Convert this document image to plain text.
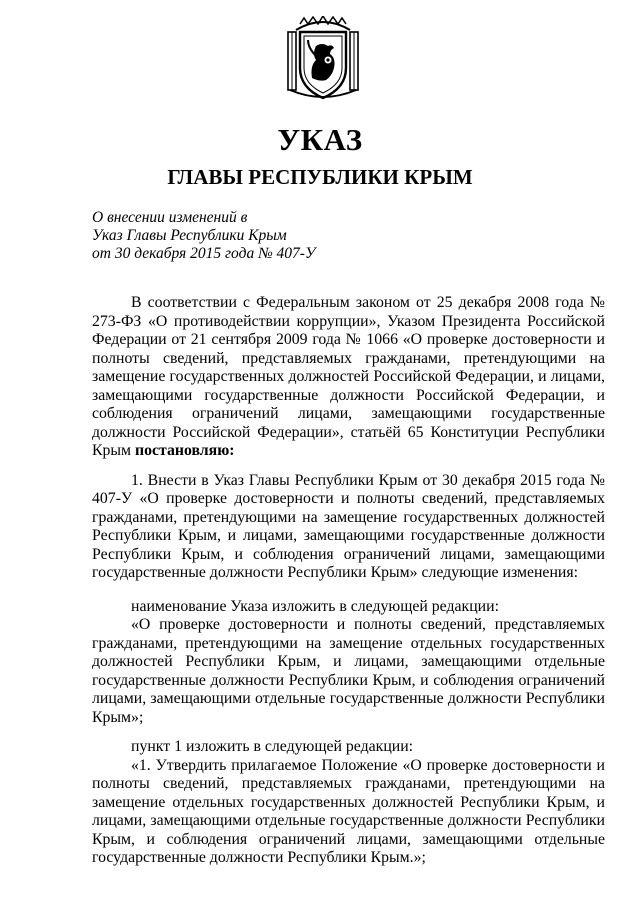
УКАЗ
ГЛАВЫ РЕСПУБЛИКИ КРЫМ

О внесении изменений в
Указ Главы Республики Крым
от 30 декабря 2015 года № 407-У

В соответствии с Федеральным законом от 25 декабря 2008 года № 273-ФЗ «О противодействии коррупции», Указом Президента Российской Федерации от 21 сентября 2009 года № 1066 «О проверке достоверности и полноты сведений, представляемых гражданами, претендующими на замещение государственных должностей Российской Федерации, и лицами, замещающими государственные должности Российской Федерации, и соблюдения ограничений лицами, замещающими государственные должности Российской Федерации», статьёй 65 Конституции Республики Крым постановляю:

1. Внести в Указ Главы Республики Крым от 30 декабря 2015 года № 407-У «О проверке достоверности и полноты сведений, представляемых гражданами, претендующими на замещение государственных должностей Республики Крым, и лицами, замещающими государственные должности Республики Крым, и соблюдения ограничений лицами, замещающими государственные должности Республики Крым» следующие изменения:

наименование Указа изложить в следующей редакции:

«О проверке достоверности и полноты сведений, представляемых гражданами, претендующими на замещение отдельных государственных должностей Республики Крым, и лицами, замещающими отдельные государственные должности Республики Крым, и соблюдения ограничений лицами, замещающими отдельные государственные должности Республики Крым»;

пункт 1 изложить в следующей редакции:

«1. Утвердить прилагаемое Положение «О проверке достоверности и полноты сведений, представляемых гражданами, претендующими на замещение отдельных государственных должностей Республики Крым, и лицами, замещающими отдельные государственные должности Республики Крым, и соблюдения ограничений лицами, замещающими отдельные государственные должности Республики Крым.»;
